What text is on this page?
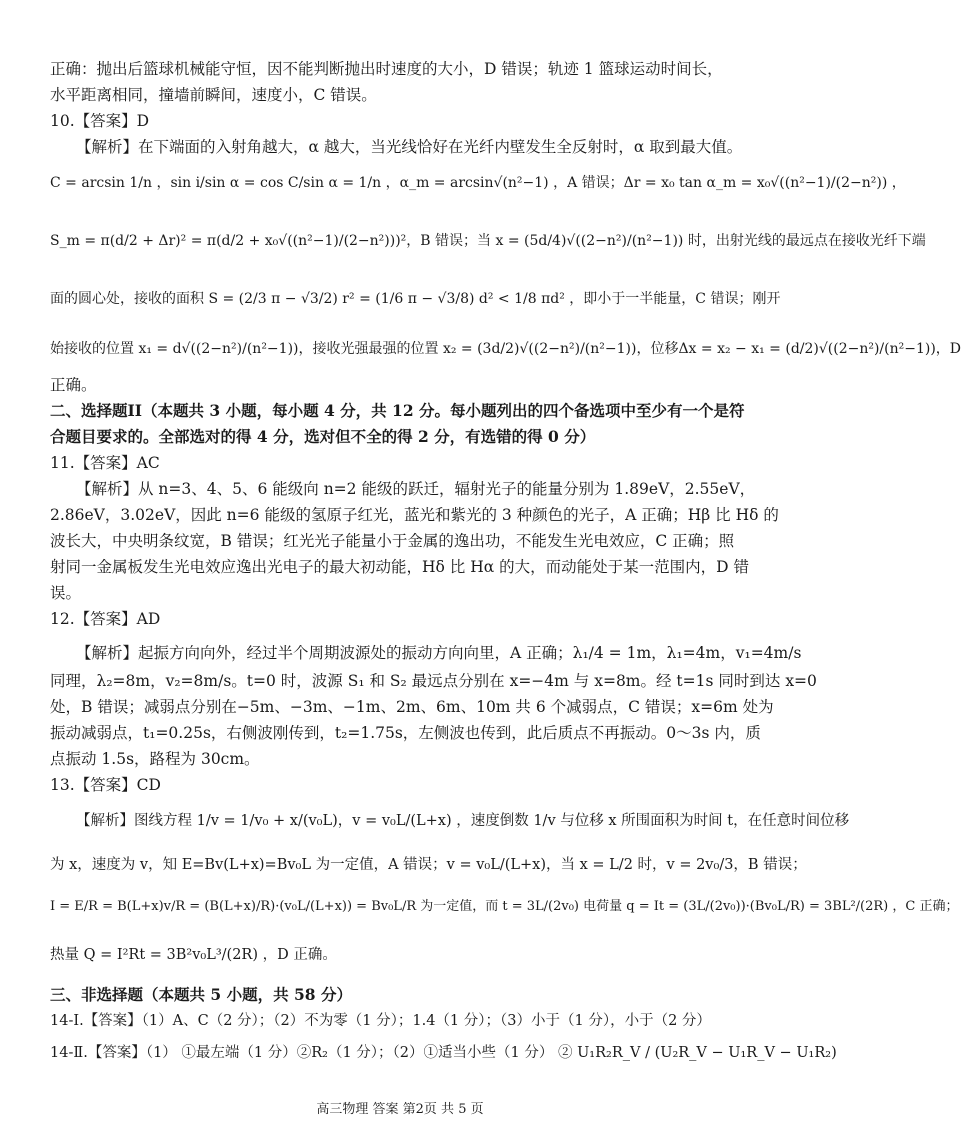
正确：抛出后篮球机械能守恒，因不能判断抛出时速度的大小，D 错误；轨迹 1 篮球运动时间长，
水平距离相同，撞墙前瞬间，速度小，C 错误。
10.【答案】D
【解析】在下端面的入射角越大，α 越大，当光线恰好在光纤内壁发生全反射时，α 取到最大值。
C = arcsin 1/n ，sin i/sin α = cos C/sin α = 1/n ，α_m = arcsin√(n²−1) ，A 错误；Δr = x₀ tan α_m = x₀√((n²−1)/(2−n²)) ，
S_m = π(d/2 + Δr)² = π(d/2 + x₀√((n²−1)/(2−n²)))²，B 错误；当 x = (5d/4)√((2−n²)/(n²−1)) 时，出射光线的最远点在接收光纤下端
面的圆心处，接收的面积 S = (2/3 π − √3/2) r² = (1/6 π − √3/8) d² < 1/8 πd² ，即小于一半能量，C 错误；刚开
始接收的位置 x₁ = d√((2−n²)/(n²−1))，接收光强最强的位置 x₂ = (3d/2)√((2−n²)/(n²−1))，位移Δx = x₂ − x₁ = (d/2)√((2−n²)/(n²−1))，D
正确。
二、选择题II（本题共 3 小题，每小题 4 分，共 12 分。每小题列出的四个备选项中至少有一个是符
合题目要求的。全部选对的得 4 分，选对但不全的得 2 分，有选错的得 0 分）
11.【答案】AC
【解析】从 n=3、4、5、6 能级向 n=2 能级的跃迁，辐射光子的能量分别为 1.89eV，2.55eV，
2.86eV，3.02eV，因此 n=6 能级的氢原子红光，蓝光和紫光的 3 种颜色的光子，A 正确；Hβ 比 Hδ 的
波长大，中央明条纹宽，B 错误；红光光子能量小于金属的逸出功，不能发生光电效应，C 正确；照
射同一金属板发生光电效应逸出光电子的最大初动能，Hδ 比 Hα 的大，而动能处于某一范围内，D 错
误。
12.【答案】AD
【解析】起振方向向外，经过半个周期波源处的振动方向向里，A 正确；λ₁/4 = 1m，λ₁=4m，v₁=4m/s
同理，λ₂=8m，v₂=8m/s。t=0 时，波源 S₁ 和 S₂ 最远点分别在 x=−4m 与 x=8m。经 t=1s 同时到达 x=0
处，B 错误；减弱点分别在−5m、−3m、−1m、2m、6m、10m 共 6 个减弱点，C 错误；x=6m 处为
振动减弱点，t₁=0.25s，右侧波刚传到，t₂=1.75s，左侧波也传到，此后质点不再振动。0～3s 内，质
点振动 1.5s，路程为 30cm。
13.【答案】CD
【解析】图线方程 1/v = 1/v₀ + x/(v₀L)，v = v₀L/(L+x) ，速度倒数 1/v 与位移 x 所围面积为时间 t，在任意时间位移
为 x，速度为 v，知 E=Bv(L+x)=Bv₀L 为一定值，A 错误；v = v₀L/(L+x)，当 x = L/2 时，v = 2v₀/3，B 错误；
I = E/R = B(L+x)v/R = (B(L+x)/R)·(v₀L/(L+x)) = Bv₀L/R 为一定值，而 t = 3L/(2v₀) 电荷量 q = It = (3L/(2v₀))·(Bv₀L/R) = 3BL²/(2R) ，C 正确；
热量 Q = I²Rt = 3B²v₀L³/(2R) ，D 正确。
三、非选择题（本题共 5 小题，共 58 分）
14-Ⅰ.【答案】（1）A、C（2 分）；（2）不为零（1 分）；1.4（1 分）；（3）小于（1 分），小于（2 分）
14-Ⅱ.【答案】（1） ①最左端（1 分）②R₂（1 分）；（2）①适当小些（1 分） ② U₁R₂R_V / (U₂R_V − U₁R_V − U₁R₂)
高三物理 答案 第2页 共 5 页
